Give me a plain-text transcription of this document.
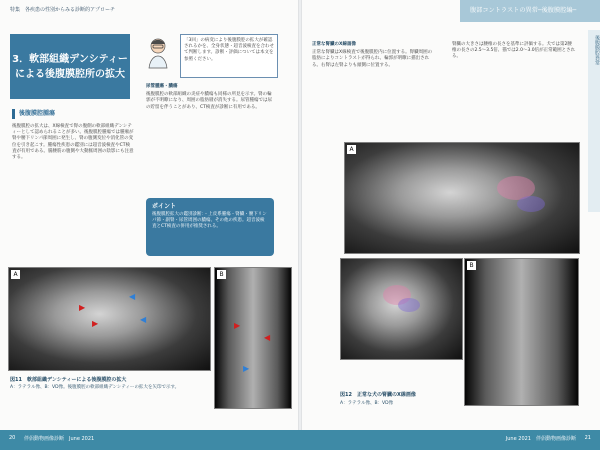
特集　各疾患の性別からみる診断的アプローチ
3．軟部組織デンシティーによる後腹膜腔所の拡大
「3回」の病変により後腹膜腔の拡大が確認されるかを、全身状態・超音波検査を合わせて判断します。診断・評価については本文を参照ください。
後腹膜腔腫瘍
後腹膜腔の拡大は、X線検査で腎の腹側の軟部組織デンシティーとして認められることが多い。後腹膜腔腫瘍では腫瘤が腎や腰下リンパ節周囲に発生し、腎の腹側変位や消化管の変位を引き起こす。腫瘍性疾患の鑑別には超音波検査やCT検査が有用である。腸腰筋の腹側や大動脈周囲の陰影にも注意する。
尿管腫瘍・膿瘍
後腹膜腔の軟部組織の炎症や膿瘍も同様の所見を示す。腎の輪郭が不明瞭になり、周囲の脂肪層が消失する。尿管腫瘍では尿の貯留を伴うことがあり、CT検査が診断に有用である。
ポイント
後腹膜腔拡大の鑑別診断：・上皮系腫瘍・腎臓・腰下リンパ節・副腎・尿管周囲の膿瘍、その他の疾患。超音波検査とCT検査の併用が推奨される。
A
▶
▶
◀
◀
B
▶
◀
▶
図11　軟部組織デンシティーによる後腹膜腔の拡大
A：ラテラル像、B：VD像。後腹膜腔の軟部組織デンシティーの拡大を矢印で示す。
腹部コントラストの異常─後腹膜腔編─
正常な腎臓のX線画像
正常な腎臓はX線検査で後腹膜腔内に位置する。腎臓周囲の脂肪によりコントラストが得られ、輪郭が明瞭に描出される。右腎は左腎よりも頭側に位置する。
腎臓の大きさは腰椎の長さを基準に評価する。犬では第2腰椎の長さの2.5〜3.5倍、猫では2.0〜3.0倍が正常範囲とされる。	後腹膜腔異常
A
B
図12　正常な犬の腎臓のX線画像
A：ラテラル像、B：VD像
20 伴侶動物画像診断　June 2021	June 2021　伴侶動物画像診断 21
